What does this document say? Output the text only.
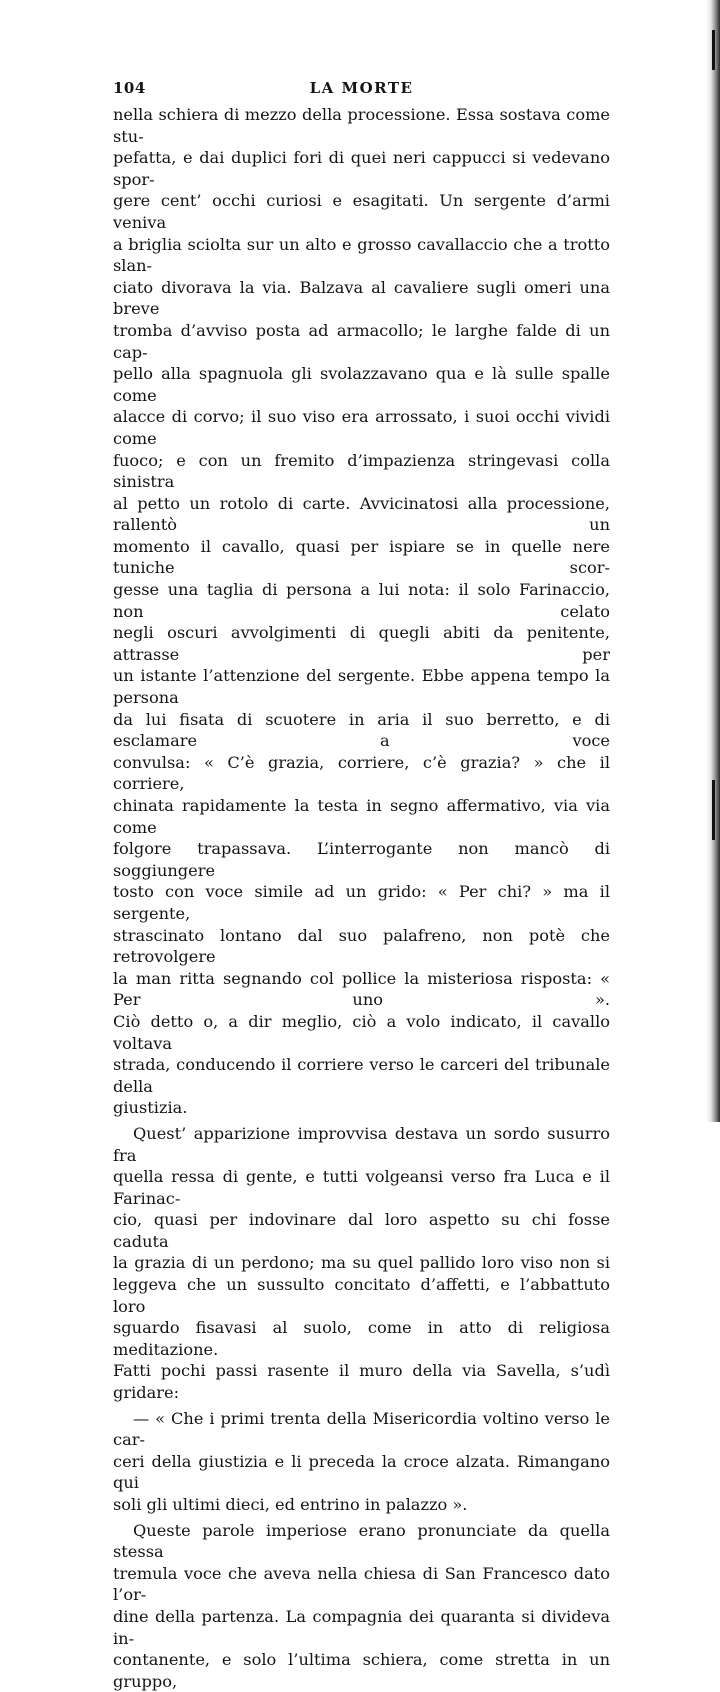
104	LA MORTE

nella schiera di mezzo della processione. Essa sostava come stu-
pefatta, e dai duplici fori di quei neri cappucci si vedevano spor-
gere cent’ occhi curiosi e esagitati. Un sergente d’armi veniva
a briglia sciolta sur un alto e grosso cavallaccio che a trotto slan-
ciato divorava la via. Balzava al cavaliere sugli omeri una breve
tromba d’avviso posta ad armacollo; le larghe falde di un cap-
pello alla spagnuola gli svolazzavano qua e là sulle spalle come
alacce di corvo; il suo viso era arrossato, i suoi occhi vividi come
fuoco; e con un fremito d’impazienza stringevasi colla sinistra
al petto un rotolo di carte. Avvicinatosi alla processione, rallentò un
momento il cavallo, quasi per ispiare se in quelle nere tuniche scor-
gesse una taglia di persona a lui nota: il solo Farinaccio, non celato
negli oscuri avvolgimenti di quegli abiti da penitente, attrasse per
un istante l’attenzione del sergente. Ebbe appena tempo la persona
da lui fisata di scuotere in aria il suo berretto, e di esclamare a voce
convulsa: « C’è grazia, corriere, c’è grazia? » che il corriere,
chinata rapidamente la testa in segno affermativo, via via come
folgore trapassava. L’interrogante non mancò di soggiungere
tosto con voce simile ad un grido: « Per chi? » ma il sergente,
strascinato lontano dal suo palafreno, non potè che retrovolgere
la man ritta segnando col pollice la misteriosa risposta: « Per uno ».
Ciò detto o, a dir meglio, ciò a volo indicato, il cavallo voltava
strada, conducendo il corriere verso le carceri del tribunale della
giustizia.

Quest’ apparizione improvvisa destava un sordo susurro fra
quella ressa di gente, e tutti volgeansi verso fra Luca e il Farinac-
cio, quasi per indovinare dal loro aspetto su chi fosse caduta
la grazia di un perdono; ma su quel pallido loro viso non si
leggeva che un sussulto concitato d’affetti, e l’abbattuto loro
sguardo fisavasi al suolo, come in atto di religiosa meditazione.
Fatti pochi passi rasente il muro della via Savella, s’udì gridare:

— « Che i primi trenta della Misericordia voltino verso le car-
ceri della giustizia e li preceda la croce alzata. Rimangano qui
soli gli ultimi dieci, ed entrino in palazzo ».

Queste parole imperiose erano pronunciate da quella stessa
tremula voce che aveva nella chiesa di San Francesco dato l’or-
dine della partenza. La compagnia dei quaranta si divideva in-
contanente, e solo l’ultima schiera, come stretta in un gruppo,
